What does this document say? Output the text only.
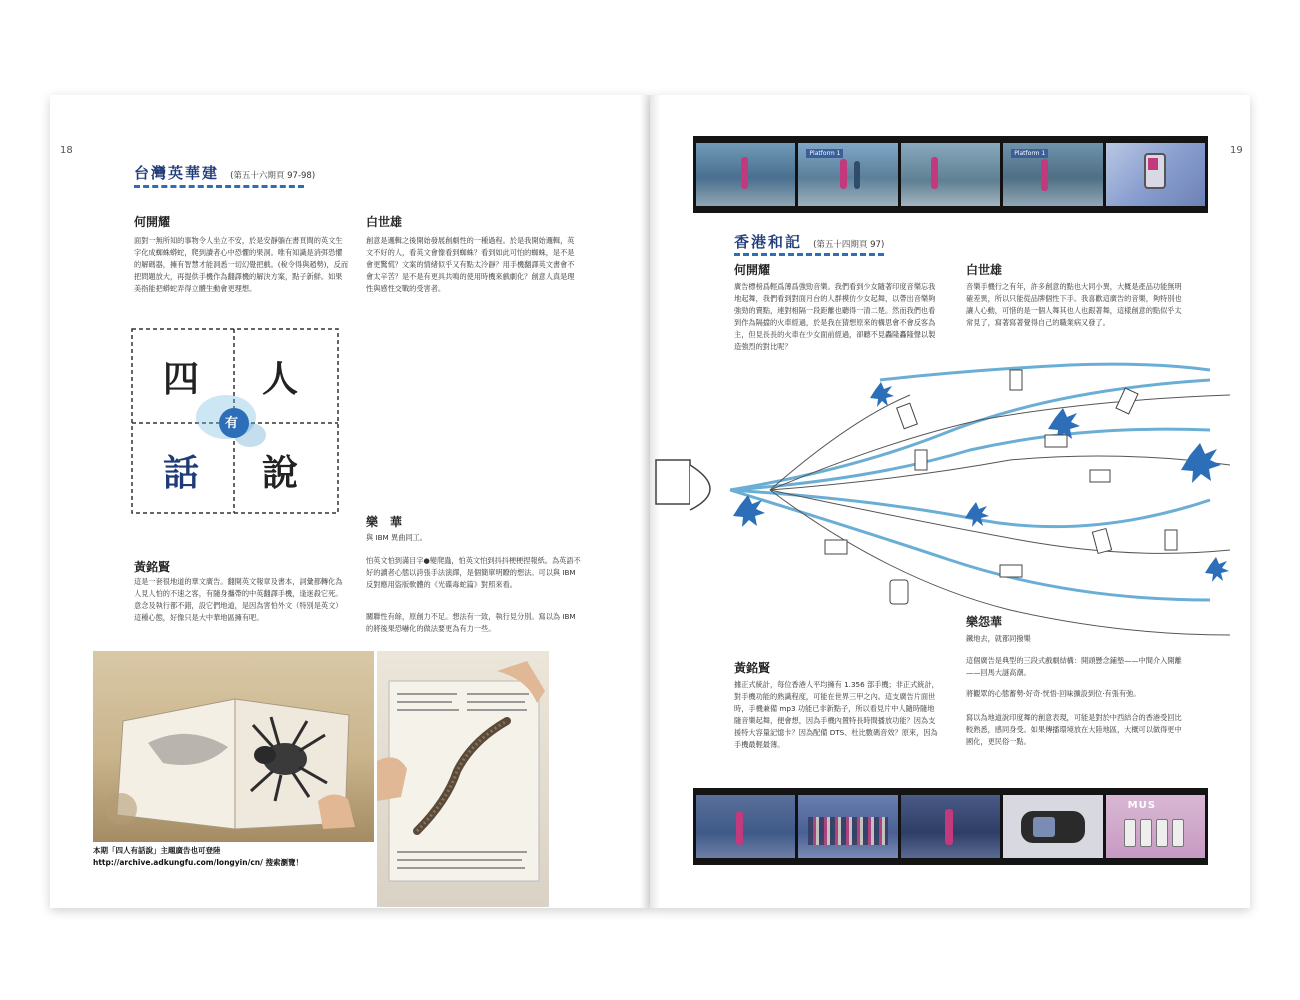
18
台灣英華建 (第五十六期頁 97-98)
何開耀
面對一無所知的事物令人坐立不安，於是安靜躺在書頁間的英文生字化成蜘蛛蟒蛇，爬到讀者心中恐懼的果洞。唯有知識是消弭恐懼的解碼器，擁有智慧才能洞悉一切幻覺把戲。(稅令得與趙勢)，反而把問題放大，再提供手機作為翻譯機的解決方案，點子新鮮。如果美指能把蟒蛇弄得立體生動會更理想。
白世雄
創意是邏輯之後開始發展創劇性的一種過程。於是我開始邏輯，英文不好的人，看英文會像看到蜘蛛？看到如此可怕的蜘蛛，是不是會更驚慌？文案的情緒似乎又有點太冷靜？用手機翻譯英文書會不會太辛苦？是不是有更具共鳴的使用時機來戲劇化？創意人真是理性與感性交戰的受害者。
四 人
話 說
有
黃銘賢
這是一套很地道的華文廣告。翻開英文報章及書本，詞彙都轉化為人見人怕的不速之客，有隨身攜帶的中英翻譯手機，逢迷殺它死。意念及執行都不錯，設它們地道，是因為害怕外文（特別是英文）這種心態，好像只是大中華地區擁有吧。
樂　華
與 IBM 異曲同工。
怕英文怕到滿目字●變爬蟲，怕英文怕到抖抖梗梗捏報紙。為英語不好的讀者心態以誇張手法演繹，是個簡單明瞭的想法。可以與 IBM 反對應用盜版軟體的《光碟毒蛇篇》對照來看。
關聯性有餘，原創力不足。想法有一致，執行見分別。寫以為 IBM 的將後果恐嚇化的做法要更為有力一些。
本期「四人有話說」主題廣告也可登陸
http://archive.adkungfu.com/longyin/cn/ 搜索瀏覽！
19
Platform 1	Platform 1
香港和記 (第五十四期頁 97)
何開耀
廣告標榜爲輕爲薄爲強勁音樂。我們看到少女隨著印度音樂忘我地起舞，我們看到對面月台的人群模仿少女起舞，以帶出音樂夠強勁的賣點，連對相隔一段距離也聽得一清二楚。然而我們也看到作為隔擋的火車經過，於是我在猜想原來的構思會不會反客為主，但見長長的火車在少女面前經過，卻聽不見轟隆轟隆聲以製造強烈的對比呢？
白世雄
音樂手機行之有年，許多創意的點也大同小異，大概是產品功能無明確差異，所以只能從品牌個性下手。我喜歡這廣告的音樂，夠特別也讓人心動，可惜的是一個人舞其也人也跟著舞，這樣創意的點似乎太常見了，寫著寫著覺得自己的職業病又發了。
樂怨華
鐵地去，就都同撥樂
這個廣告是典型的三段式戲劇結構：開頭懸念鋪墊——中間介入開離——回馬大謎高潮。
將觀眾的心態蓄勢·好奇·恍悟·回味擴設到位·有張有弛。
寫以為地道說印度舞的創意表現，可能是對於中西結合的香港受回比較熟悉，感同身受。如果傳播環境放在大陸地區，大概可以做得更中國化，更民俗一點。
黃銘賢
據正式統計，每位香港人平均擁有 1.356 部手機；非正式統計，對手機功能的熟識程度，可能在世界三甲之內。這支廣告片面世時，手機兼備 mp3 功能已非新點子，所以看見片中人隨時隨地隨音樂起舞，便會想，因為手機內置特長時間播放功能？因為支援特大容量記憶卡？因為配備 DTS、杜比數碼音效？原來，因為手機最輕最薄。
MUS
